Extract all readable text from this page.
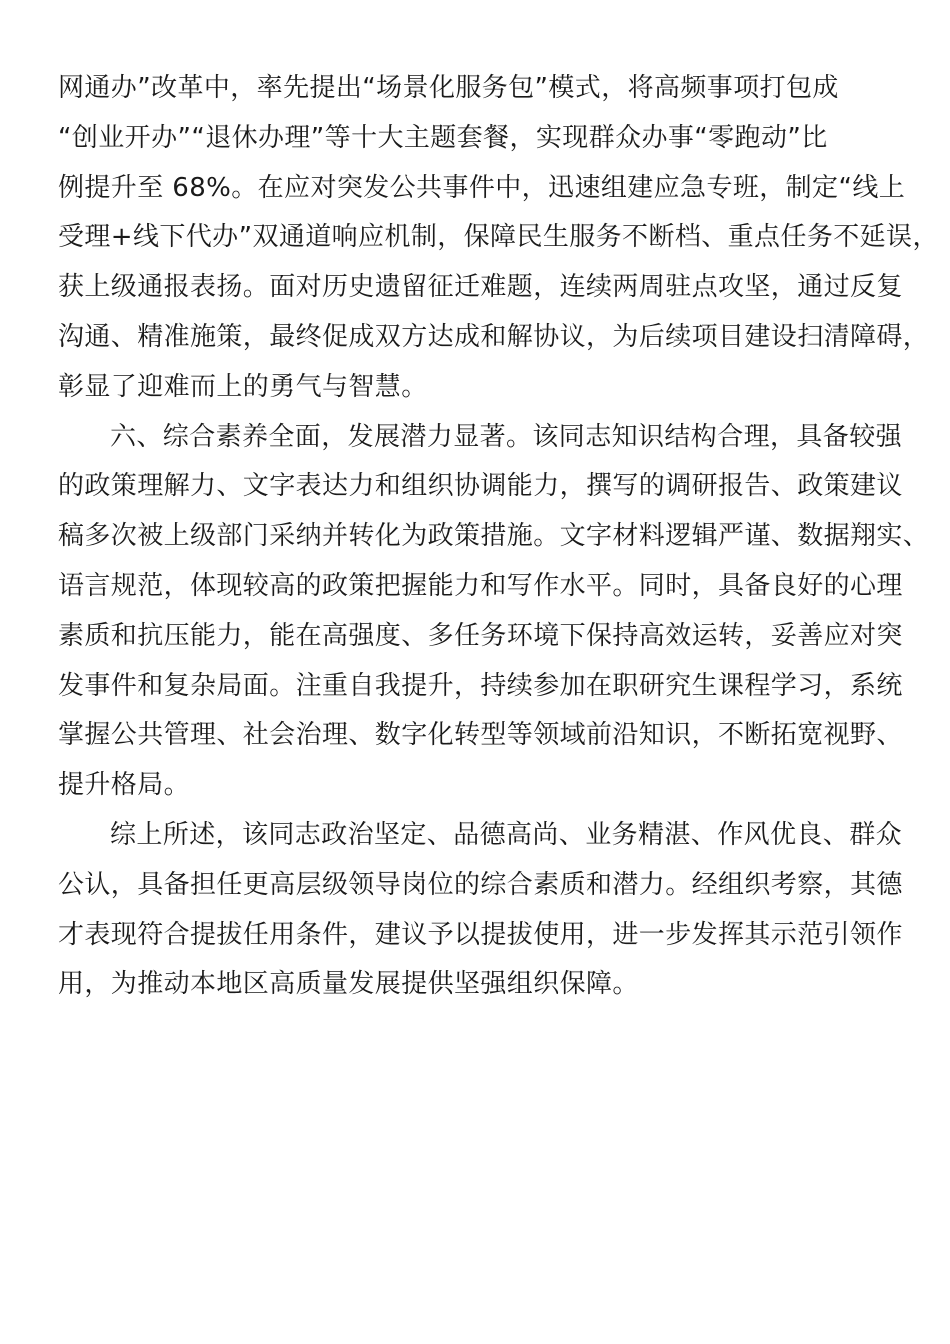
网通办”改革中，率先提出“场景化服务包”模式，将高频事项打包成
“创业开办”“退休办理”等十大主题套餐，实现群众办事“零跑动”比
例提升至 68%。在应对突发公共事件中，迅速组建应急专班，制定“线上
受理+线下代办”双通道响应机制，保障民生服务不断档、重点任务不延误，
获上级通报表扬。面对历史遗留征迁难题，连续两周驻点攻坚，通过反复
沟通、精准施策，最终促成双方达成和解协议，为后续项目建设扫清障碍，
彰显了迎难而上的勇气与智慧。
六、综合素养全面，发展潜力显著。该同志知识结构合理，具备较强
的政策理解力、文字表达力和组织协调能力，撰写的调研报告、政策建议
稿多次被上级部门采纳并转化为政策措施。文字材料逻辑严谨、数据翔实、
语言规范，体现较高的政策把握能力和写作水平。同时，具备良好的心理
素质和抗压能力，能在高强度、多任务环境下保持高效运转，妥善应对突
发事件和复杂局面。注重自我提升，持续参加在职研究生课程学习，系统
掌握公共管理、社会治理、数字化转型等领域前沿知识，不断拓宽视野、
提升格局。
综上所述，该同志政治坚定、品德高尚、业务精湛、作风优良、群众
公认，具备担任更高层级领导岗位的综合素质和潜力。经组织考察，其德
才表现符合提拔任用条件，建议予以提拔使用，进一步发挥其示范引领作
用，为推动本地区高质量发展提供坚强组织保障。
